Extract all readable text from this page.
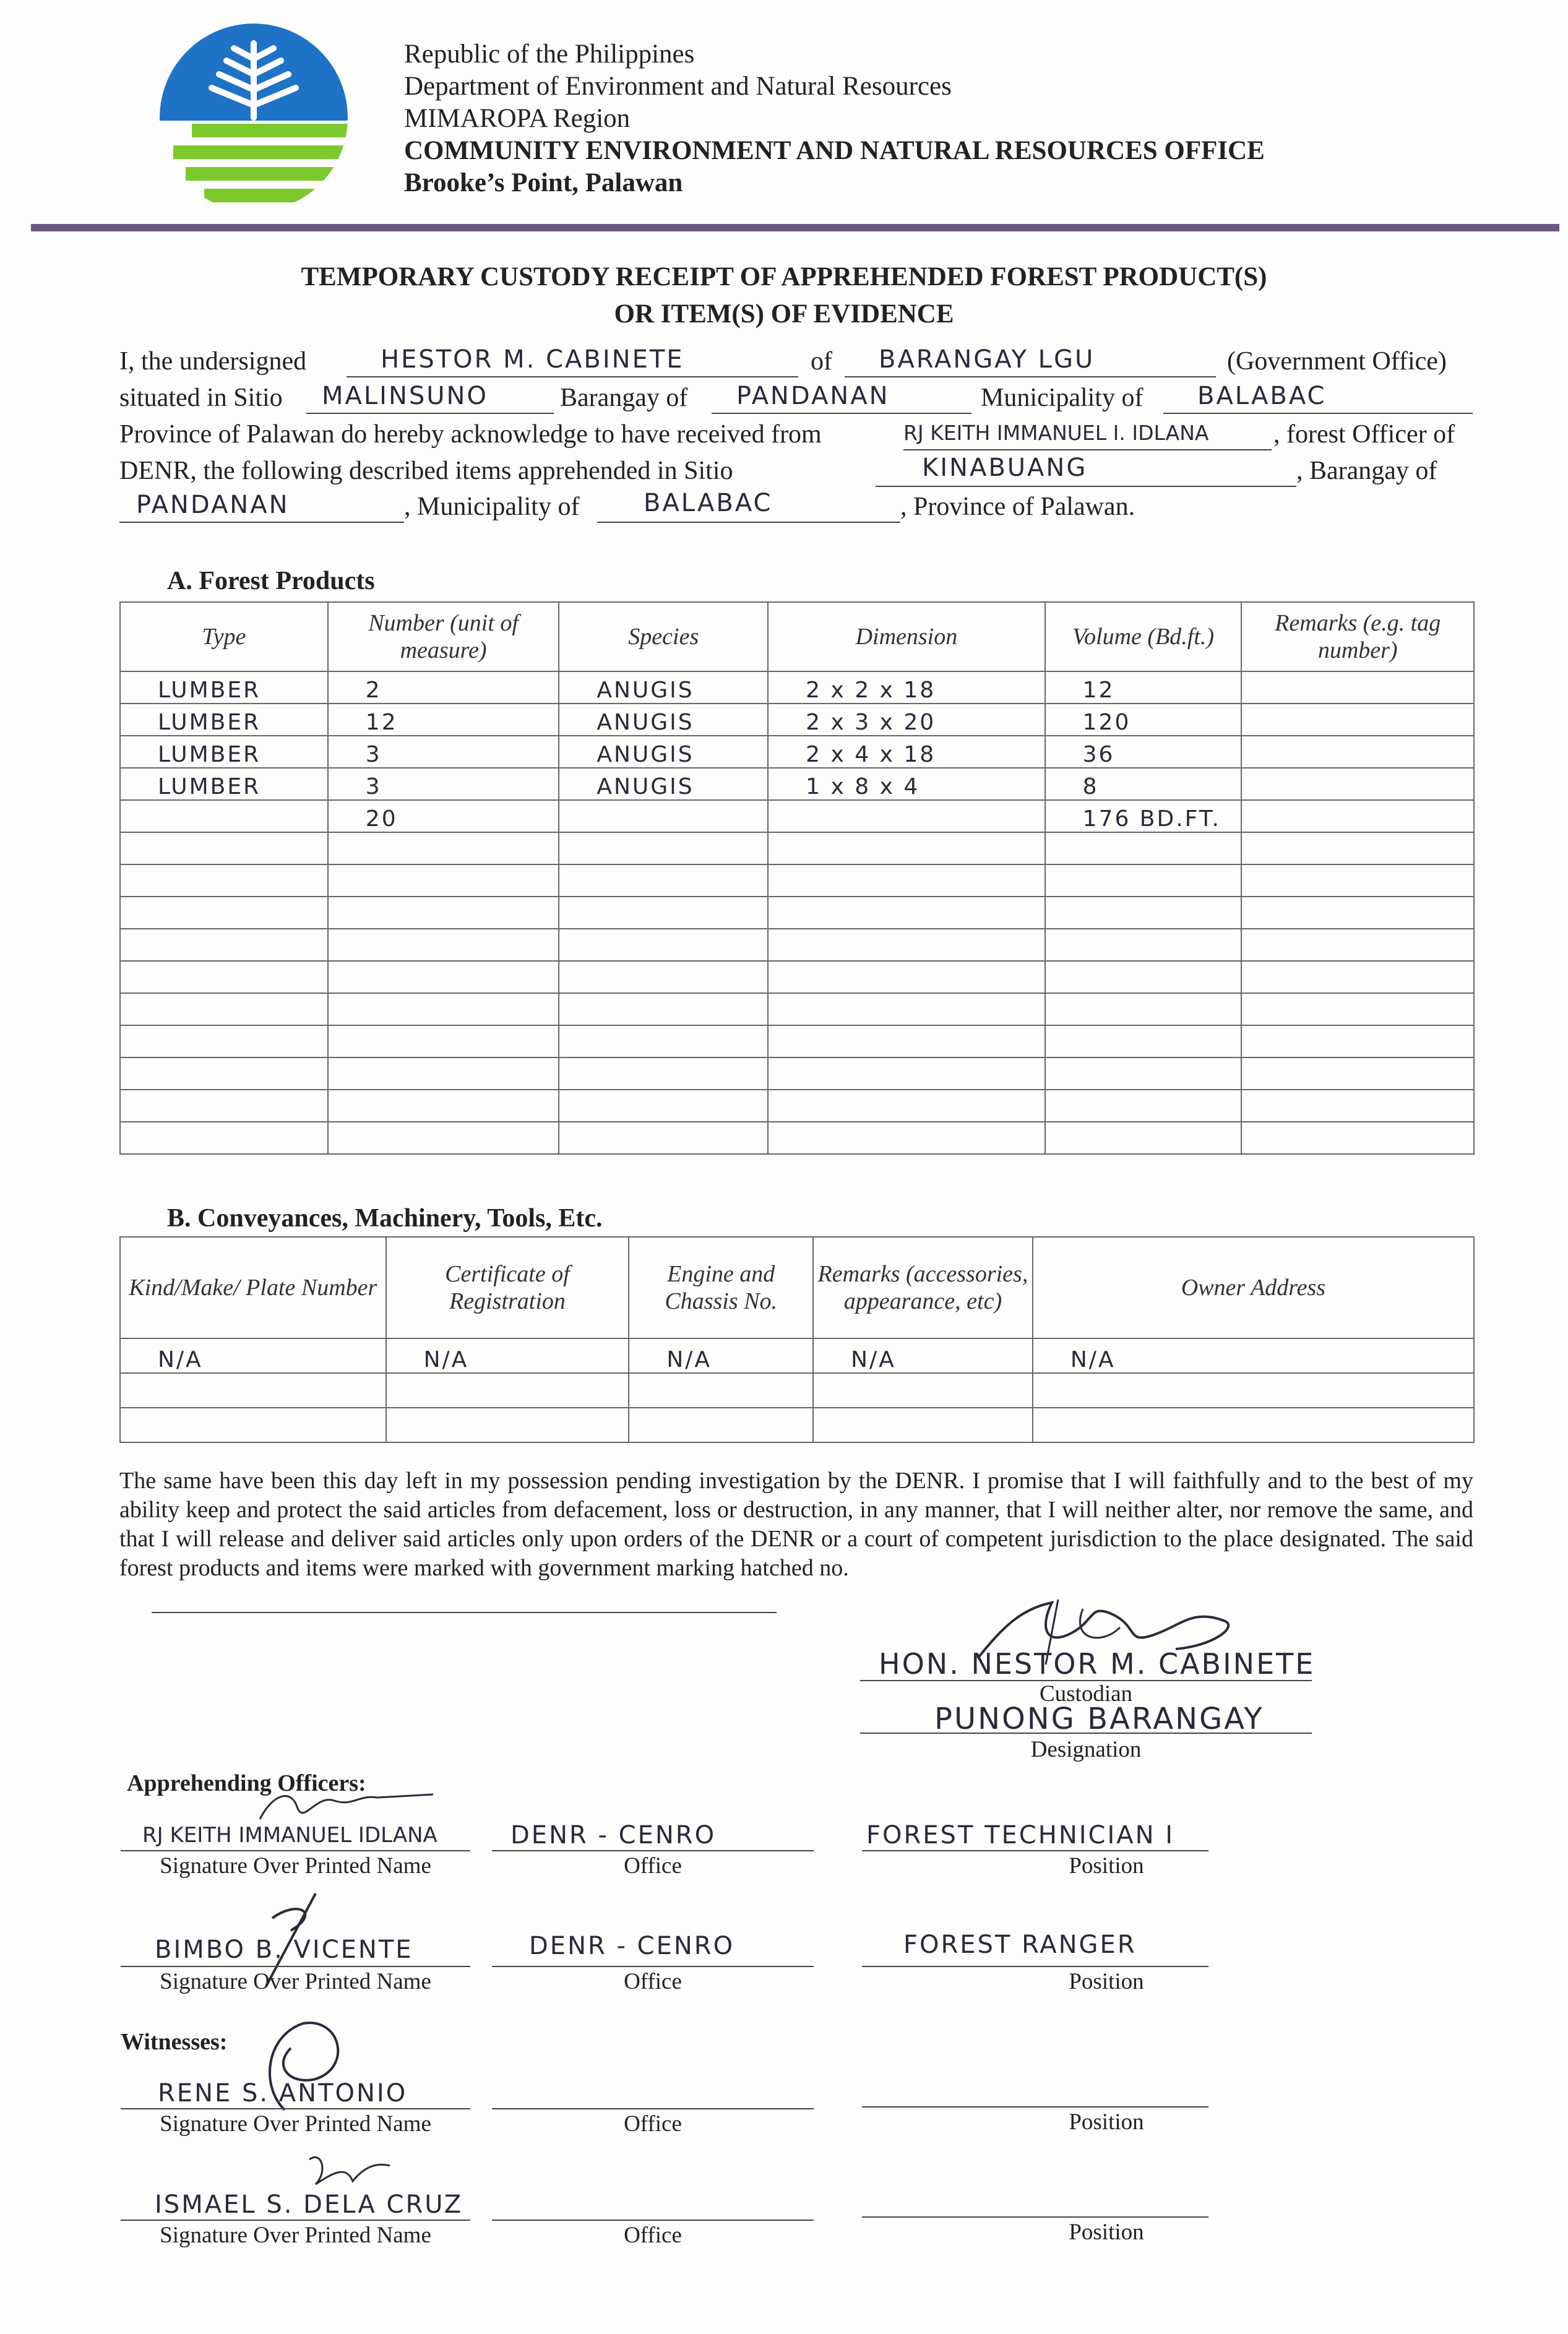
Republic of the Philippines
Department of Environment and Natural Resources
MIMAROPA Region
COMMUNITY ENVIRONMENT AND NATURAL RESOURCES OFFICE
Brooke’s Point, Palawan
TEMPORARY CUSTODY RECEIPT OF APPREHENDED FOREST PRODUCT(S)
OR ITEM(S) OF EVIDENCE
I, the undersigned	HESTOR M. CABINETE	of BARANGAY LGU	(Government Office)
situated in Sitio MALINSUNO	Barangay of PANDANAN	Municipality of BALABAC
Province of Palawan do hereby acknowledge to have received from	RJ KEITH IMMANUEL I. IDLANA , forest Officer of
DENR, the following described items apprehended in Sitio	KINABUANG	, Barangay of
PANDANAN	, Municipality of	BALABAC	, Province of Palawan.
A. Forest Products
Type	Number (unit of measure)	Species	Dimension	Volume (Bd.ft.)	Remarks (e.g. tag number)
LUMBER	2	ANUGIS	2 x 2 x 18	12	
LUMBER	12	ANUGIS	2 x 3 x 20	120	
LUMBER	3	ANUGIS	2 x 4 x 18	36	
LUMBER	3	ANUGIS	1 x 8 x 4	8	
	20			176 BD.FT.	

B. Conveyances, Machinery, Tools, Etc.
Kind/Make/ Plate Number	Certificate of Registration	Engine and Chassis No.	Remarks (accessories, appearance, etc)	Owner Address
N/A	N/A	N/A	N/A	N/A

The same have been this day left in my possession pending investigation by the DENR. I promise that I will faithfully and to the best of my ability keep and protect the said articles from defacement, loss or destruction, in any manner, that I will neither alter, nor remove the same, and that I will release and deliver said articles only upon orders of the DENR or a court of competent jurisdiction to the place designated. The said forest products and items were marked with government marking hatched no.
HON. NESTOR M. CABINETE
Custodian
PUNONG BARANGAY
Designation
Apprehending Officers:
RJ KEITH IMMANUEL IDLANA
Signature Over Printed Name
DENR - CENRO
Office
FOREST TECHNICIAN I
Position
BIMBO B. VICENTE
Signature Over Printed Name
DENR - CENRO
Office
FOREST RANGER
Position
Witnesses:
RENE S. ANTONIO
Signature Over Printed Name	Office	Position
ISMAEL S. DELA CRUZ
Signature Over Printed Name	Office	Position
